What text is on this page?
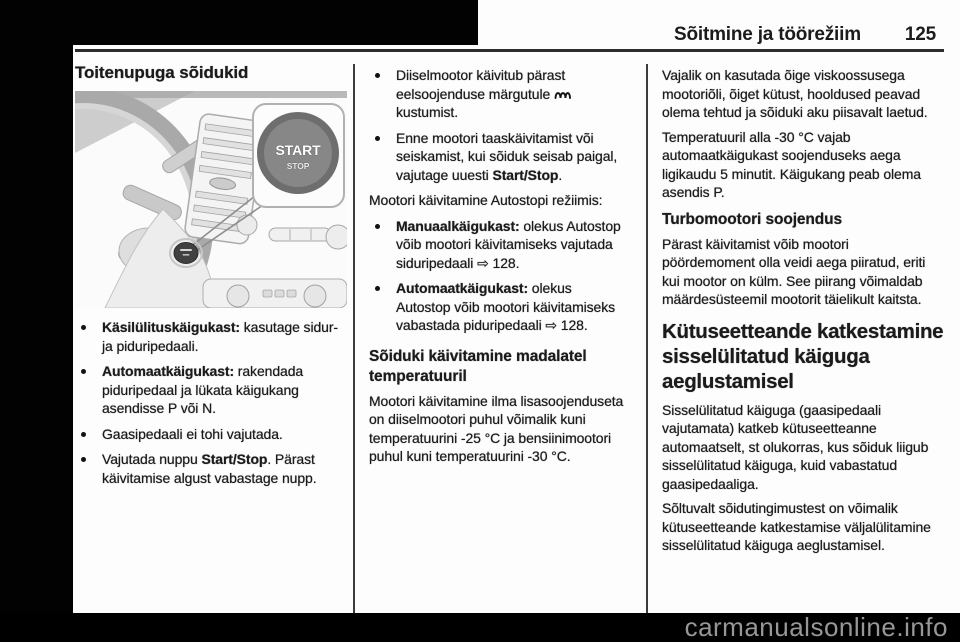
Sõitmine ja töörežiim 125
Toitenupuga sõidukid
START
STOP
Käsilülituskäigukast: kasutage sidur- ja piduripedaali.
Automaatkäigukast: rakendada piduripedaal ja lükata käigukang asendisse P või N.
Gaasipedaali ei tohi vajutada.
Vajutada nuppu Start/Stop. Pärast käivitamise algust vabastage nupp.
Diiselmootor käivitub pärast eelsoojenduse märgutule  kustumist.
Enne mootori taaskäivitamist või seiskamist, kui sõiduk seisab paigal, vajutage uuesti Start/Stop.
Mootori käivitamine Autostopi režiimis:
Manuaalkäigukast: olekus Autostop võib mootori käivitamiseks vajutada siduripedaali ⇨ 128.
Automaatkäigukast: olekus Autostop võib mootori käivitamiseks vabastada piduripedaali ⇨ 128.
Sõiduki käivitamine madalatel temperatuuril

Mootori käivitamine ilma lisasoojenduseta on diiselmootori puhul võimalik kuni temperatuurini -25 °C ja bensiinimootori puhul kuni temperatuurini -30 °C.

Vajalik on kasutada õige viskoossusega mootoriõli, õiget kütust, hooldused peavad olema tehtud ja sõiduki aku piisavalt laetud.

Temperatuuril alla -30 °C vajab automaatkäigukast soojenduseks aega ligikaudu 5 minutit. Käigukang peab olema asendis P.

Turbomootori soojendus

Pärast käivitamist võib mootori pöördemoment olla veidi aega piiratud, eriti kui mootor on külm. See piirang võimaldab määrdesüsteemil mootorit täielikult kaitsta.

Kütuseetteande katkestamine sisselülitatud käiguga aeglustamisel

Sisselülitatud käiguga (gaasipedaali vajutamata) katkeb kütuseetteanne automaatselt, st olukorras, kus sõiduk liigub sisselülitatud käiguga, kuid vabastatud gaasipedaaliga.

Sõltuvalt sõidutingimustest on võimalik kütuseetteande katkestamise väljalülitamine sisselülitatud käiguga aeglustamisel.

carmanualsonline.info
